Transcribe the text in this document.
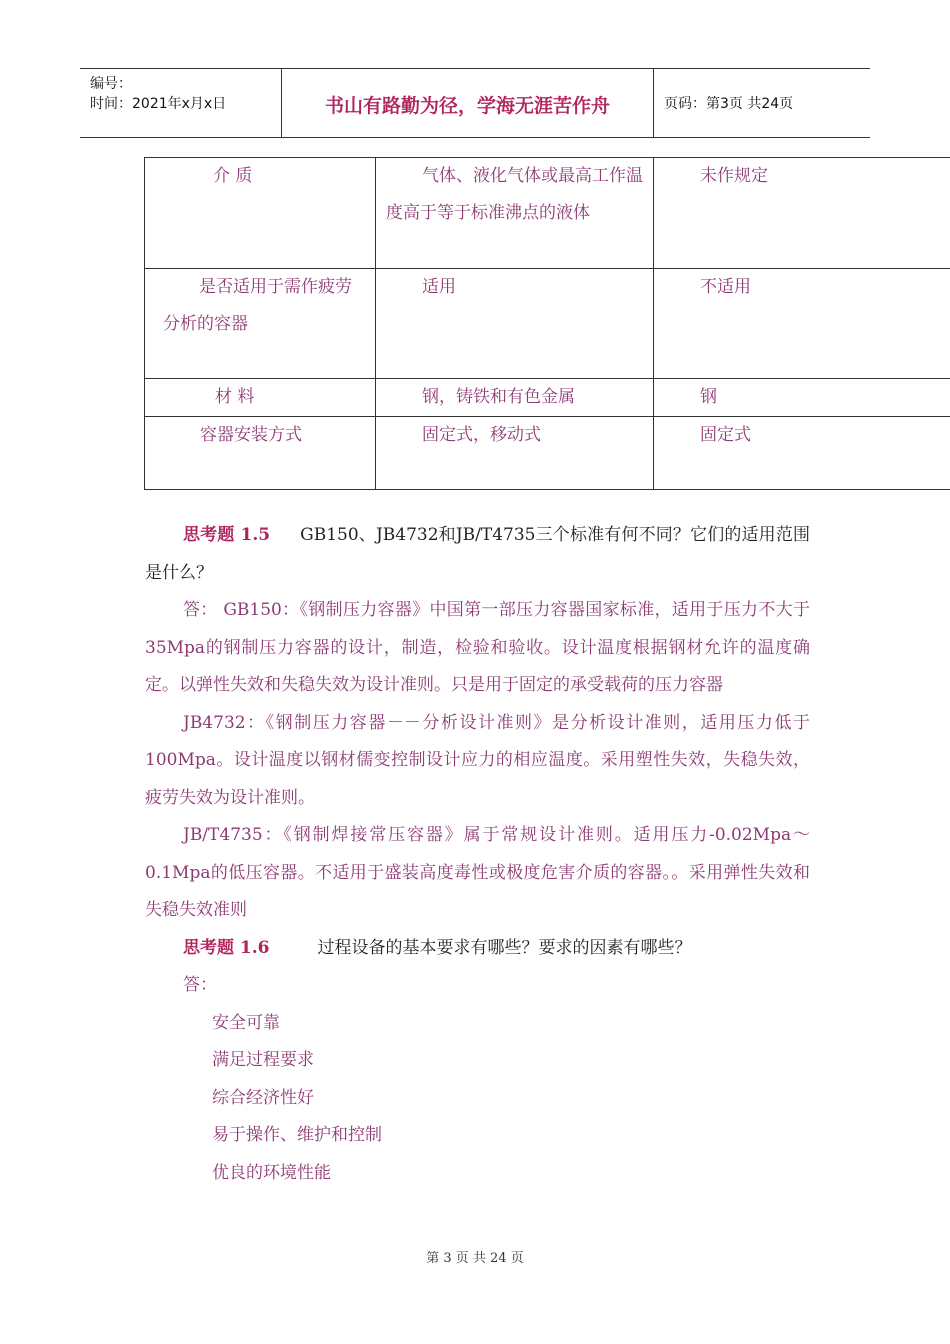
编号：
时间：2021年x月x日	书山有路勤为径，学海无涯苦作舟	页码：第3页 共24页
介 质	气体、液化气体或最高工作温度高于等于标准沸点的液体	未作规定
是否适用于需作疲劳分析的容器	适用	不适用
材 料	钢，铸铁和有色金属	钢
容器安装方式	固定式，移动式	固定式

思考题 1.5 GB150、JB4732和JB/T4735三个标准有何不同？它们的适用范围是什么？

答： GB150：《钢制压力容器》中国第一部压力容器国家标准，适用于压力不大于35Mpa的钢制压力容器的设计，制造，检验和验收。设计温度根据钢材允许的温度确定。以弹性失效和失稳失效为设计准则。只是用于固定的承受载荷的压力容器

JB4732：《钢制压力容器－－分析设计准则》是分析设计准则，适用压力低于100Mpa。设计温度以钢材儒变控制设计应力的相应温度。采用塑性失效，失稳失效，疲劳失效为设计准则。

JB/T4735：《钢制焊接常压容器》属于常规设计准则。适用压力-0.02Mpa～0.1Mpa的低压容器。不适用于盛装高度毒性或极度危害介质的容器。。采用弹性失效和失稳失效准则

思考题 1.6	过程设备的基本要求有哪些？要求的因素有哪些？

答：

安全可靠
满足过程要求
综合经济性好
易于操作、维护和控制
优良的环境性能
第 3 页 共 24 页
